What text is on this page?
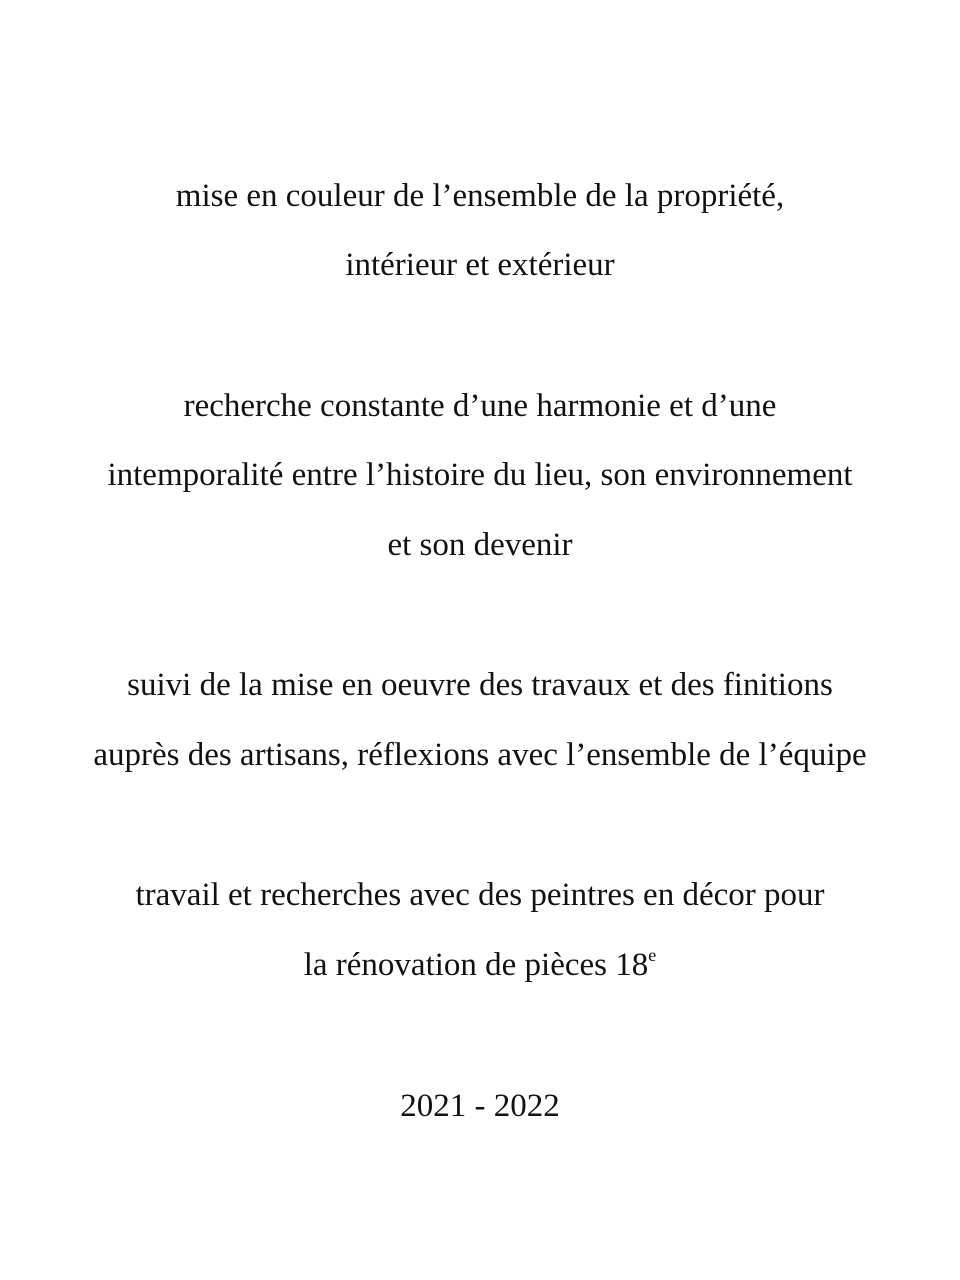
mise en couleur de l’ensemble de la propriété,
intérieur et extérieur
recherche constante d’une harmonie et d’une
intemporalité entre l’histoire du lieu, son environnement
et son devenir
suivi de la mise en oeuvre des travaux et des finitions
auprès des artisans, réflexions avec l’ensemble de l’équipe
travail et recherches avec des peintres en décor pour
la rénovation de pièces 18e
2021 - 2022
